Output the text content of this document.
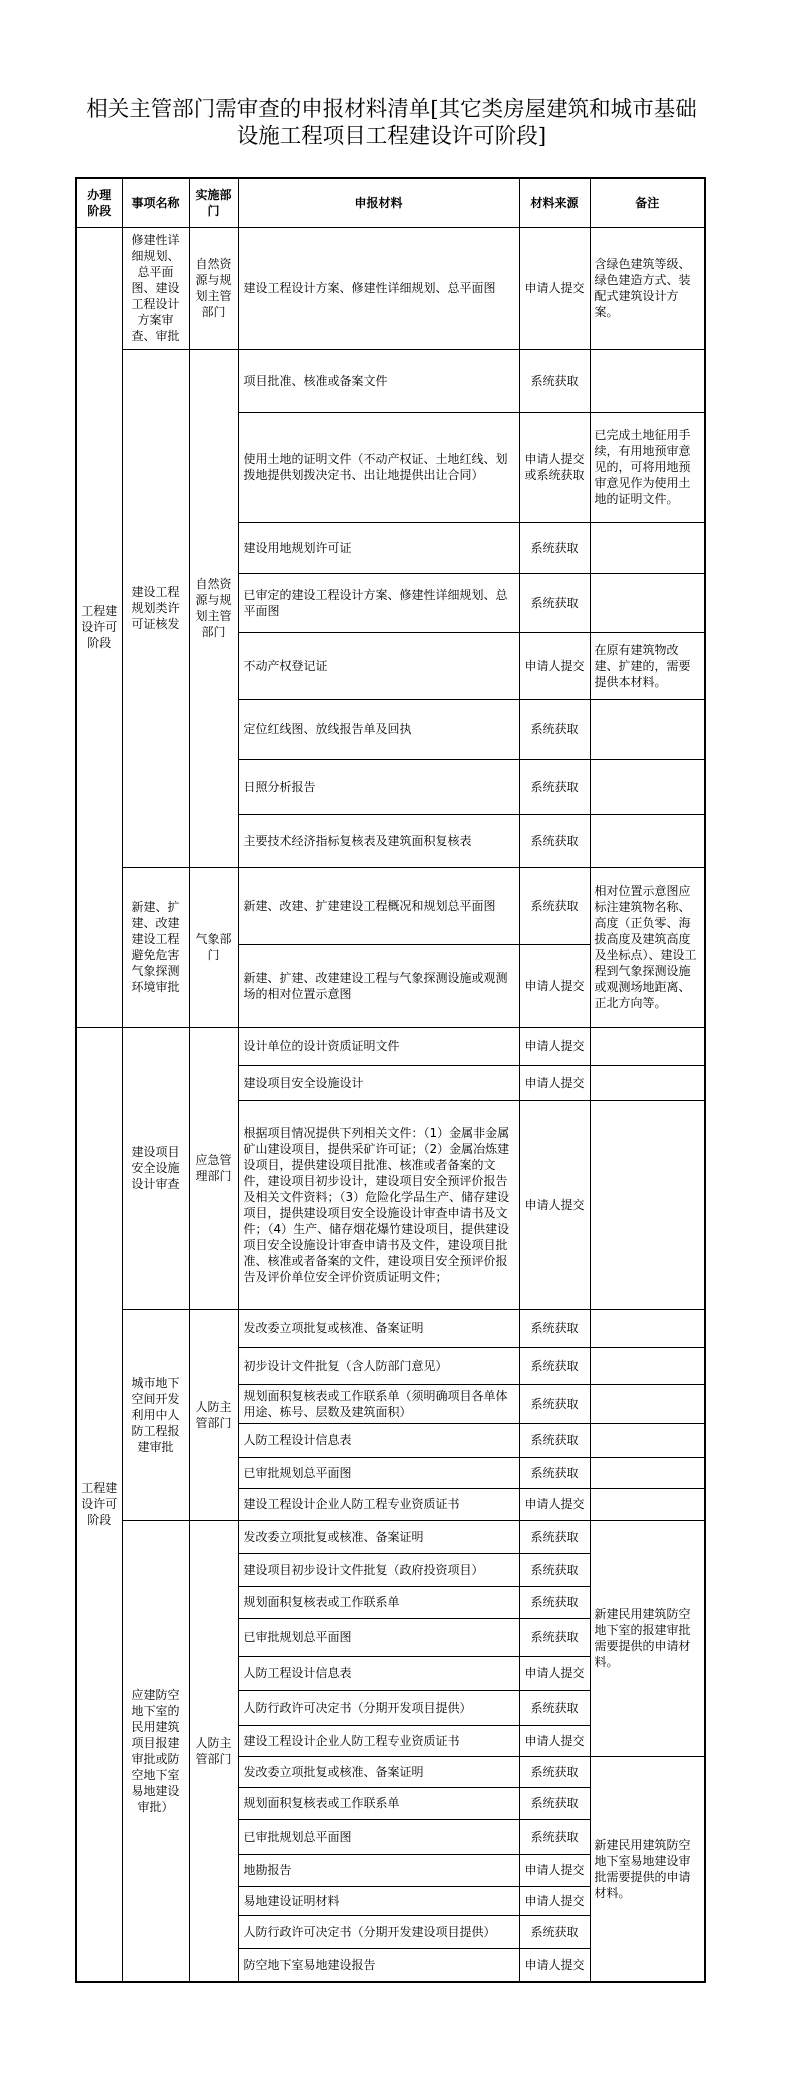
相关主管部门需审查的申报材料清单[其它类房屋建筑和城市基础设施工程项目工程建设许可阶段]
办理阶段	事项名称	实施部门	申报材料	材料来源	备注
工程建设许可阶段	修建性详细规划、总平面图、建设工程设计方案审查、审批	自然资源与规划主管部门	建设工程设计方案、修建性详细规划、总平面图	申请人提交	含绿色建筑等级、绿色建造方式、装配式建筑设计方案。
	建设工程规划类许可证核发	自然资源与规划主管部门	项目批准、核准或备案文件	系统获取	
			使用土地的证明文件（不动产权证、土地红线、划拨地提供划拨决定书、出让地提供出让合同）	申请人提交或系统获取	已完成土地征用手续，有用地预审意见的，可将用地预审意见作为使用土地的证明文件。
			建设用地规划许可证	系统获取	
			已审定的建设工程设计方案、修建性详细规划、总平面图	系统获取	
			不动产权登记证	申请人提交	在原有建筑物改建、扩建的，需要提供本材料。
			定位红线图、放线报告单及回执	系统获取	
			日照分析报告	系统获取	
			主要技术经济指标复核表及建筑面积复核表	系统获取	
	新建、扩建、改建建设工程避免危害气象探测环境审批	气象部门	新建、改建、扩建建设工程概况和规划总平面图	系统获取	相对位置示意图应标注建筑物名称、高度（正负零、海拔高度及建筑高度及坐标点）、建设工程到气象探测设施或观测场地距离、正北方向等。
			新建、扩建、改建建设工程与气象探测设施或观测场的相对位置示意图	申请人提交	
工程建设许可阶段	建设项目安全设施设计审查	应急管理部门	设计单位的设计资质证明文件	申请人提交	
			建设项目安全设施设计	申请人提交	
			根据项目情况提供下列相关文件：（1）金属非金属矿山建设项目，提供采矿许可证；（2）金属冶炼建设项目，提供建设项目批准、核准或者备案的文件，建设项目初步设计，建设项目安全预评价报告及相关文件资料；（3）危险化学品生产、储存建设项目，提供建设项目安全设施设计审查申请书及文件；（4）生产、储存烟花爆竹建设项目，提供建设项目安全设施设计审查申请书及文件，建设项目批准、核准或者备案的文件，建设项目安全预评价报告及评价单位安全评价资质证明文件；	申请人提交	
	城市地下空间开发利用中人防工程报建审批	人防主管部门	发改委立项批复或核准、备案证明	系统获取	
			初步设计文件批复（含人防部门意见）	系统获取	
			规划面积复核表或工作联系单（须明确项目各单体用途、栋号、层数及建筑面积）	系统获取	
			人防工程设计信息表	系统获取	
			已审批规划总平面图	系统获取	
			建设工程设计企业人防工程专业资质证书	申请人提交	
	应建防空地下室的民用建筑项目报建审批或防空地下室易地建设审批）	人防主管部门	发改委立项批复或核准、备案证明	系统获取	新建民用建筑防空地下室的报建审批需要提供的申请材料。
			建设项目初步设计文件批复（政府投资项目）	系统获取	
			规划面积复核表或工作联系单	系统获取	
			已审批规划总平面图	系统获取	
			人防工程设计信息表	申请人提交	
			人防行政许可决定书（分期开发项目提供）	系统获取	
			建设工程设计企业人防工程专业资质证书	申请人提交	
			发改委立项批复或核准、备案证明	系统获取	新建民用建筑防空地下室易地建设审批需要提供的申请材料。
			规划面积复核表或工作联系单	系统获取	
			已审批规划总平面图	系统获取	
			地勘报告	申请人提交	
			易地建设证明材料	申请人提交	
			人防行政许可决定书（分期开发建设项目提供）	系统获取	
			防空地下室易地建设报告	申请人提交	
